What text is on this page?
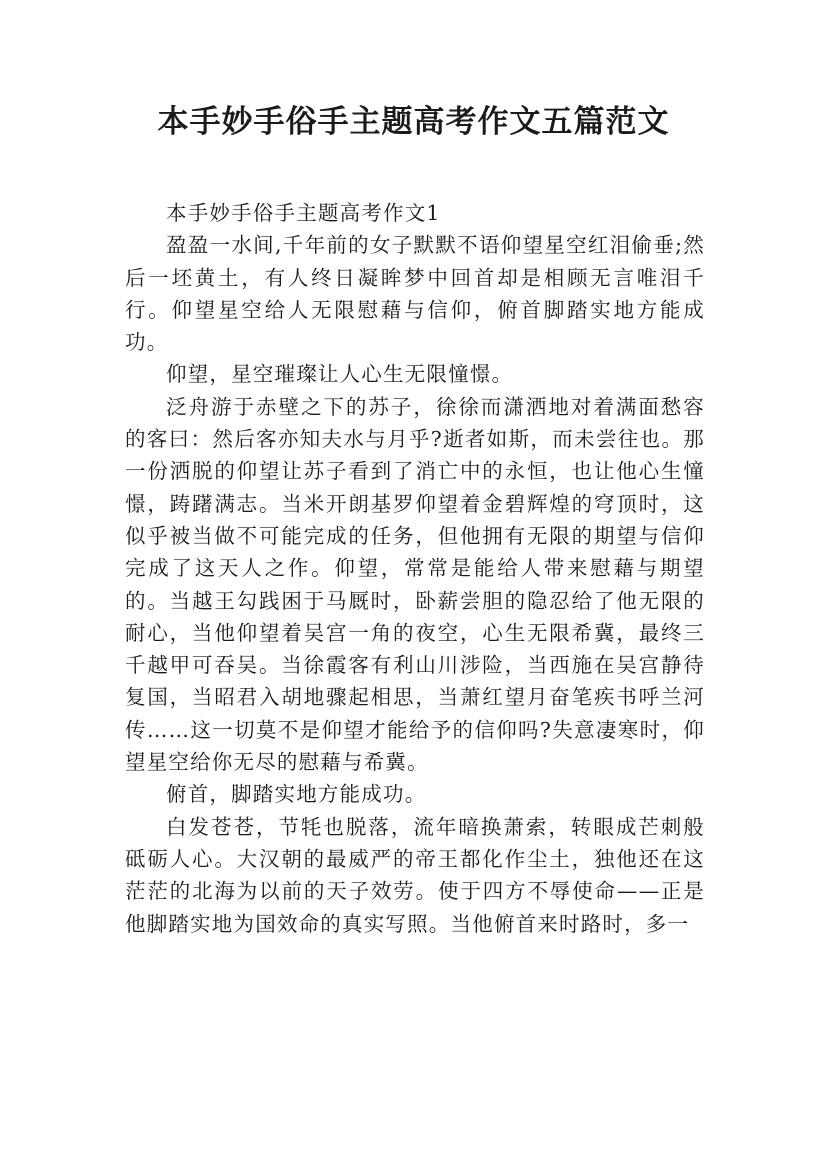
本手妙手俗手主题高考作文五篇范文

本手妙手俗手主题高考作文1

盈盈一水间,千年前的女子默默不语仰望星空红泪偷垂;然后一坯黄土，有人终日凝眸梦中回首却是相顾无言唯泪千行。仰望星空给人无限慰藉与信仰，俯首脚踏实地方能成功。

仰望，星空璀璨让人心生无限憧憬。

泛舟游于赤壁之下的苏子，徐徐而潇洒地对着满面愁容的客曰：然后客亦知夫水与月乎?逝者如斯，而未尝往也。那一份洒脱的仰望让苏子看到了消亡中的永恒，也让他心生憧憬，踌躇满志。当米开朗基罗仰望着金碧辉煌的穹顶时，这似乎被当做不可能完成的任务，但他拥有无限的期望与信仰完成了这天人之作。仰望，常常是能给人带来慰藉与期望的。当越王勾践困于马厩时，卧薪尝胆的隐忍给了他无限的耐心，当他仰望着吴宫一角的夜空，心生无限希冀，最终三千越甲可吞吴。当徐霞客有利山川涉险，当西施在吴宫静待复国，当昭君入胡地骤起相思，当萧红望月奋笔疾书呼兰河传……这一切莫不是仰望才能给予的信仰吗?失意凄寒时，仰望星空给你无尽的慰藉与希冀。

俯首，脚踏实地方能成功。

白发苍苍，节牦也脱落，流年暗换萧索，转眼成芒刺般砥砺人心。大汉朝的最威严的帝王都化作尘土，独他还在这茫茫的北海为以前的天子效劳。使于四方不辱使命——正是他脚踏实地为国效命的真实写照。当他俯首来时路时，多一
